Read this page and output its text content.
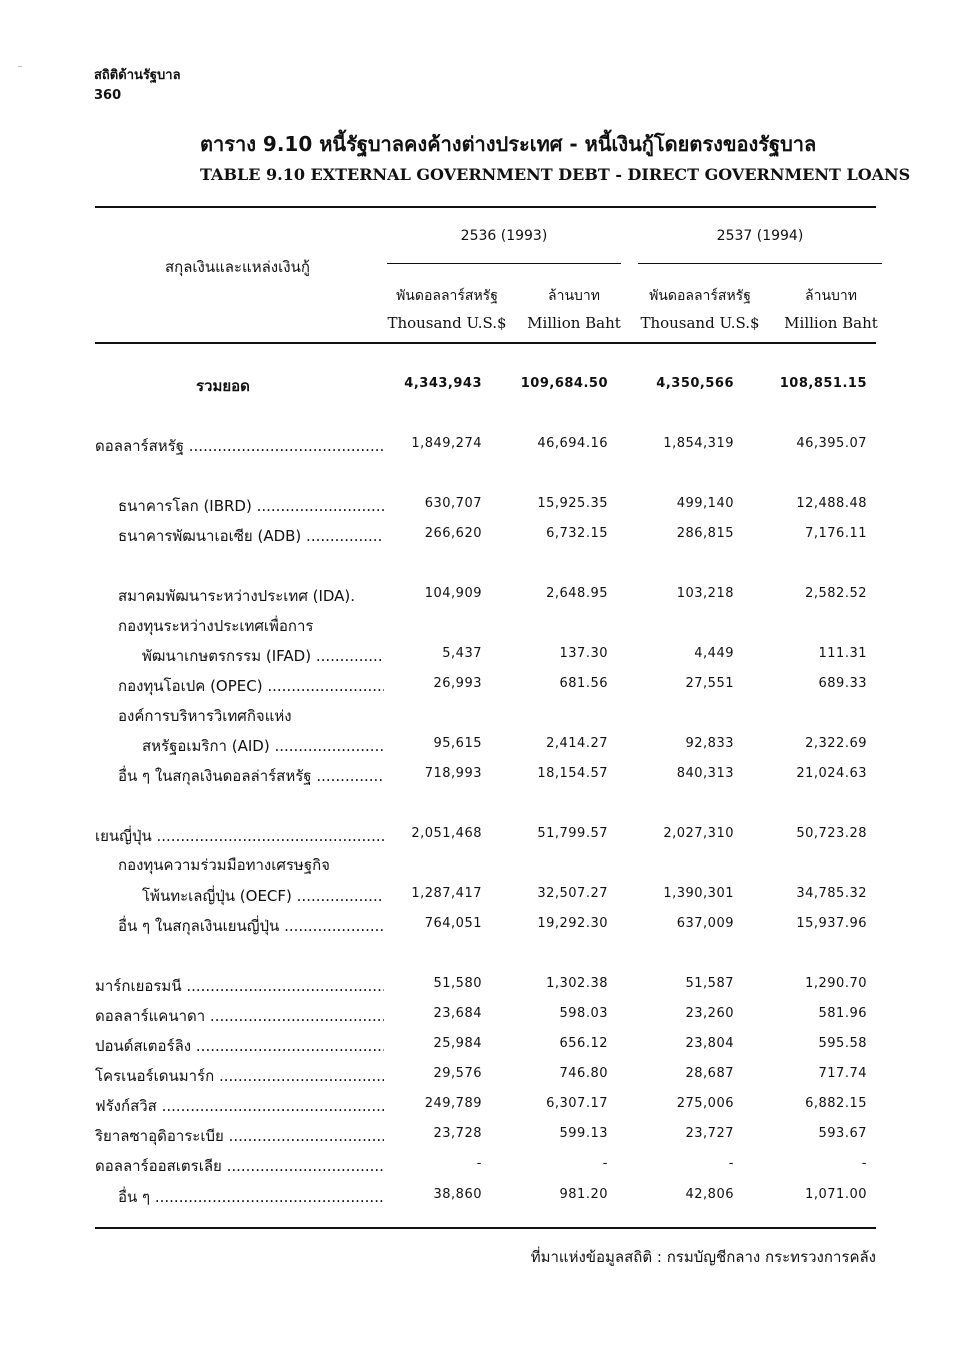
สถิติด้านรัฐบาล
360
ตาราง 9.10 หนี้รัฐบาลคงค้างต่างประเทศ - หนี้เงินกู้โดยตรงของรัฐบาล
TABLE 9.10 EXTERNAL GOVERNMENT DEBT - DIRECT GOVERNMENT LOANS
2536 (1993)	2537 (1994)
สกุลเงินและแหล่งเงินกู้
พันดอลลาร์สหรัฐ	ล้านบาท	พันดอลลาร์สหรัฐ	ล้านบาท
Thousand U.S.$	Million Baht	Thousand U.S.$	Million Baht
รวมยอด	4,343,943	109,684.50	4,350,566	108,851.15
ดอลลาร์สหรัฐ .....	1,849,274	46,694.16	1,854,319	46,395.07
ธนาคารโลก (IBRD) .....	630,707	15,925.35	499,140	12,488.48
ธนาคารพัฒนาเอเซีย (ADB) .....	266,620	6,732.15	286,815	7,176.11
สมาคมพัฒนาระหว่างประเทศ (IDA).	104,909	2,648.95	103,218	2,582.52
กองทุนระหว่างประเทศเพื่อการ
พัฒนาเกษตรกรรม (IFAD) .....	5,437	137.30	4,449	111.31
กองทุนโอเปค (OPEC) .....	26,993	681.56	27,551	689.33
องค์การบริหารวิเทศกิจแห่ง
สหรัฐอเมริกา (AID) .....	95,615	2,414.27	92,833	2,322.69
อื่น ๆ ในสกุลเงินดอลล่าร์สหรัฐ .....	718,993	18,154.57	840,313	21,024.63
เยนญี่ปุ่น .....	2,051,468	51,799.57	2,027,310	50,723.28
กองทุนความร่วมมือทางเศรษฐกิจ
โพ้นทะเลญี่ปุ่น (OECF) .....	1,287,417	32,507.27	1,390,301	34,785.32
อื่น ๆ ในสกุลเงินเยนญี่ปุ่น .....	764,051	19,292.30	637,009	15,937.96
มาร์กเยอรมนี .....	51,580	1,302.38	51,587	1,290.70
ดอลลาร์แคนาดา .....	23,684	598.03	23,260	581.96
ปอนด์สเตอร์ลิง .....	25,984	656.12	23,804	595.58
โครเนอร์เดนมาร์ก .....	29,576	746.80	28,687	717.74
ฟรังก์สวิส .....	249,789	6,307.17	275,006	6,882.15
ริยาลซาอุดิอาระเบีย .....	23,728	599.13	23,727	593.67
ดอลลาร์ออสเตรเลีย .....	-	-	-	-
อื่น ๆ .....	38,860	981.20	42,806	1,071.00
ที่มาแห่งข้อมูลสถิติ : กรมบัญชีกลาง กระทรวงการคลัง
